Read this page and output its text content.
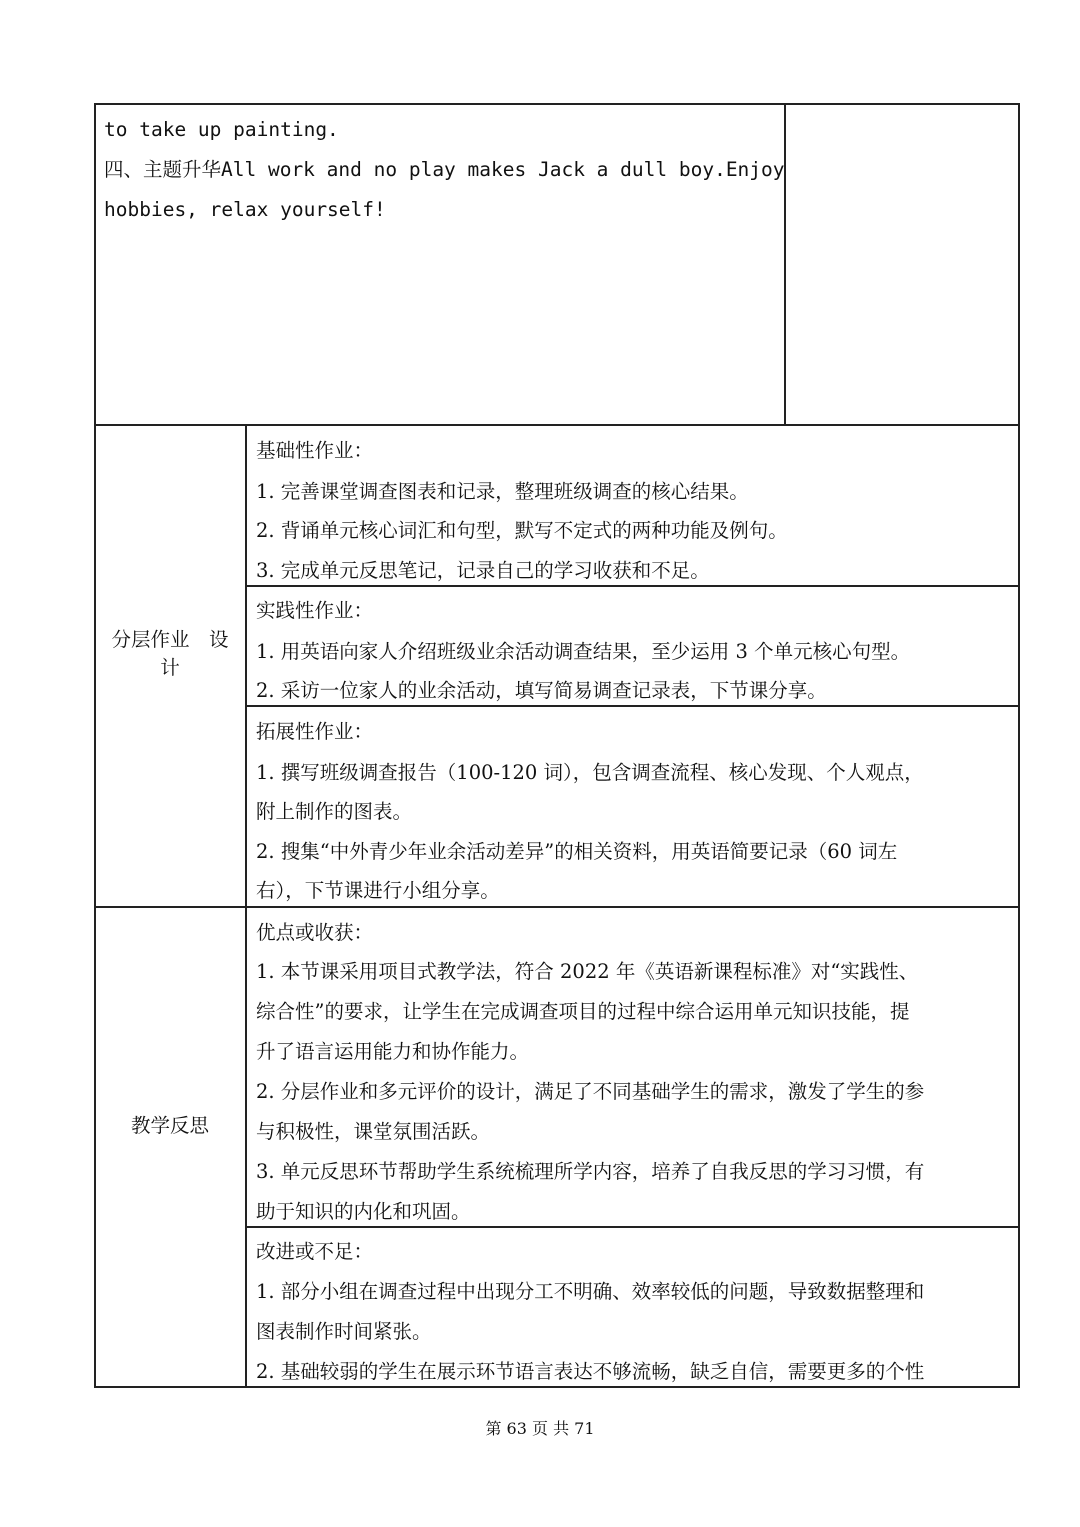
to take up painting.
四、主题升华All work and no play makes Jack a dull boy.Enjoy
hobbies, relax yourself!
分层作业　设
计
基础性作业：
1. 完善课堂调查图表和记录，整理班级调查的核心结果。
2. 背诵单元核心词汇和句型，默写不定式的两种功能及例句。
3. 完成单元反思笔记，记录自己的学习收获和不足。
实践性作业：
1. 用英语向家人介绍班级业余活动调查结果，至少运用 3 个单元核心句型。
2. 采访一位家人的业余活动，填写简易调查记录表，下节课分享。
拓展性作业：
1. 撰写班级调查报告（100-120 词），包含调查流程、核心发现、个人观点，
附上制作的图表。
2. 搜集“中外青少年业余活动差异”的相关资料，用英语简要记录（60 词左
右），下节课进行小组分享。
教学反思
优点或收获：
1. 本节课采用项目式教学法，符合 2022 年《英语新课程标准》对“实践性、
综合性”的要求，让学生在完成调查项目的过程中综合运用单元知识技能，提
升了语言运用能力和协作能力。
2. 分层作业和多元评价的设计，满足了不同基础学生的需求，激发了学生的参
与积极性，课堂氛围活跃。
3. 单元反思环节帮助学生系统梳理所学内容，培养了自我反思的学习习惯，有
助于知识的内化和巩固。
改进或不足：
1. 部分小组在调查过程中出现分工不明确、效率较低的问题，导致数据整理和
图表制作时间紧张。
2. 基础较弱的学生在展示环节语言表达不够流畅，缺乏自信，需要更多的个性
第 63 页 共 71
